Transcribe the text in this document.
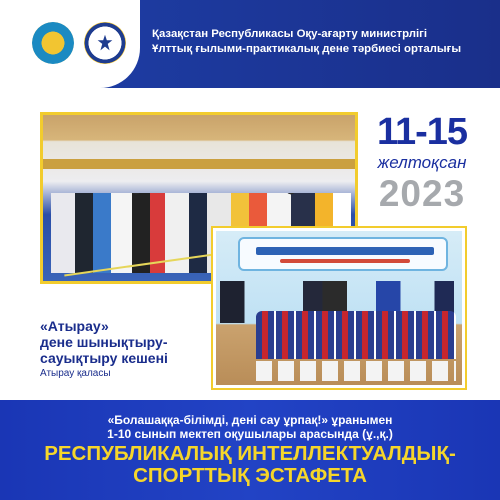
Қазақстан Республикасы Оқу-ағарту министрлігі
Ұлттық ғылыми-практикалық дене тәрбиесі орталығы
11-15
желтоқсан
2023
«Атырау»
дене шынықтыру-
сауықтыру кешені
Атырау қаласы
«Болашаққа-білімді, дені сау ұрпақ!» ұранымен
1-10 сынып мектеп оқушылары арасында (ұ.,қ.)
РЕСПУБЛИКАЛЫҚ ИНТЕЛЛЕКТУАЛДЫҚ-
СПОРТТЫҚ ЭСТАФЕТА
